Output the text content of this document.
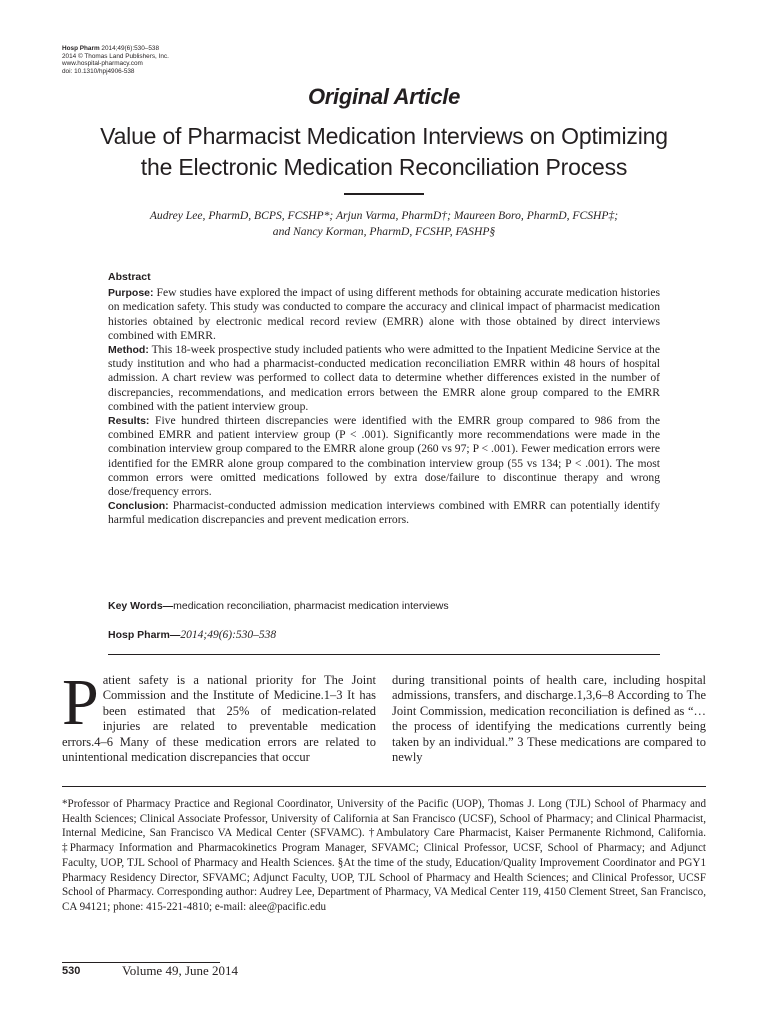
Hosp Pharm 2014;49(6):530–538
2014 © Thomas Land Publishers, Inc.
www.hospital-pharmacy.com
doi: 10.1310/hpj4906-538
Original Article
Value of Pharmacist Medication Interviews on Optimizing
the Electronic Medication Reconciliation Process
Audrey Lee, PharmD, BCPS, FCSHP*; Arjun Varma, PharmD†; Maureen Boro, PharmD, FCSHP‡;
and Nancy Korman, PharmD, FCSHP, FASHP§
Abstract

Purpose: Few studies have explored the impact of using different methods for obtaining accurate medication histories on medication safety. This study was conducted to compare the accuracy and clinical impact of pharmacist medication histories obtained by electronic medical record review (EMRR) alone with those obtained by direct interviews combined with EMRR.

Method: This 18-week prospective study included patients who were admitted to the Inpatient Medicine Service at the study institution and who had a pharmacist-conducted medication reconciliation EMRR within 48 hours of hospital admission. A chart review was performed to collect data to determine whether differences existed in the number of discrepancies, recommendations, and medication errors between the EMRR alone group compared to the EMRR combined with the patient interview group.

Results: Five hundred thirteen discrepancies were identified with the EMRR group compared to 986 from the combined EMRR and patient interview group (P < .001). Significantly more recommendations were made in the combination interview group compared to the EMRR alone group (260 vs 97; P < .001). Fewer medication errors were identified for the EMRR alone group compared to the combination interview group (55 vs 134; P < .001). The most common errors were omitted medications followed by extra dose/failure to discontinue therapy and wrong dose/frequency errors.

Conclusion: Pharmacist-conducted admission medication interviews combined with EMRR can potentially identify harmful medication discrepancies and prevent medication errors.

Key Words—medication reconciliation, pharmacist medication interviews
Hosp Pharm—2014;49(6):530–538

Patient safety is a national priority for The Joint Commission and the Institute of Medicine.1–3 It has been estimated that 25% of medication-related injuries are related to preventable medication errors.4–6 Many of these medication errors are related to unintentional medication discrepancies that occur

during transitional points of health care, including hospital admissions, transfers, and discharge.1,3,6–8 According to The Joint Commission, medication reconciliation is defined as “…the process of identifying the medications currently being taken by an individual.” 3 These medications are compared to newly

*Professor of Pharmacy Practice and Regional Coordinator, University of the Pacific (UOP), Thomas J. Long (TJL) School of Pharmacy and Health Sciences; Clinical Associate Professor, University of California at San Francisco (UCSF), School of Pharmacy; and Clinical Pharmacist, Internal Medicine, San Francisco VA Medical Center (SFVAMC). †Ambulatory Care Pharmacist, Kaiser Permanente Richmond, California. ‡Pharmacy Information and Pharmacokinetics Program Manager, SFVAMC; Clinical Professor, UCSF, School of Pharmacy; and Adjunct Faculty, UOP, TJL School of Pharmacy and Health Sciences. §At the time of the study, Education/Quality Improvement Coordinator and PGY1 Pharmacy Residency Director, SFVAMC; Adjunct Faculty, UOP, TJL School of Pharmacy and Health Sciences; and Clinical Professor, UCSF School of Pharmacy. Corresponding author: Audrey Lee, Department of Pharmacy, VA Medical Center 119, 4150 Clement Street, San Francisco, CA 94121; phone: 415-221-4810; e-mail: alee@pacific.edu

530	Volume 49, June 2014
